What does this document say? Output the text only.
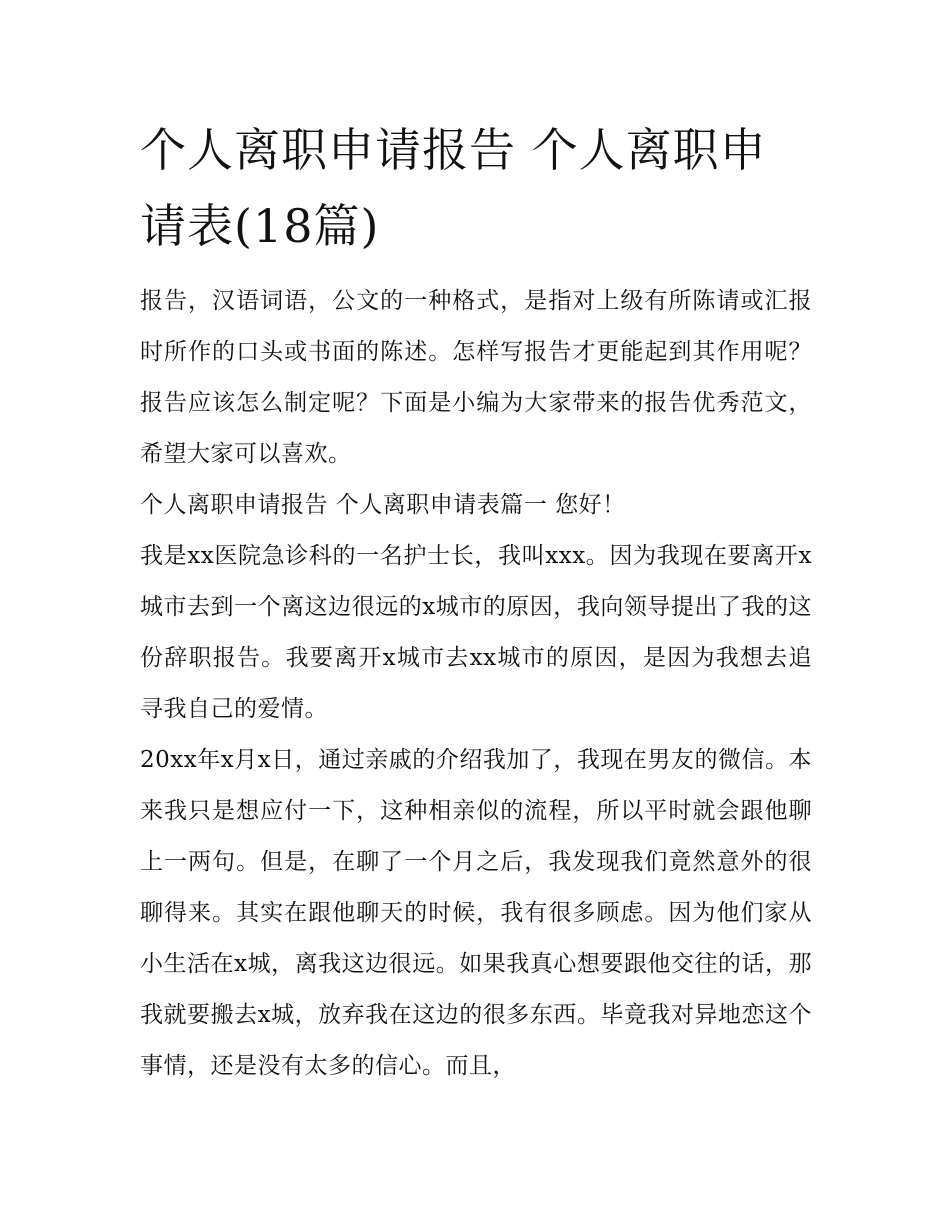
个人离职申请报告 个人离职申请表(18篇)

报告，汉语词语，公文的一种格式，是指对上级有所陈请或汇报时所作的口头或书面的陈述。怎样写报告才更能起到其作用呢？报告应该怎么制定呢？下面是小编为大家带来的报告优秀范文，希望大家可以喜欢。

个人离职申请报告 个人离职申请表篇一 您好！

我是xx医院急诊科的一名护士长，我叫xxx。因为我现在要离开x城市去到一个离这边很远的x城市的原因，我向领导提出了我的这份辞职报告。我要离开x城市去xx城市的原因，是因为我想去追寻我自己的爱情。

20xx年x月x日，通过亲戚的介绍我加了，我现在男友的微信。本来我只是想应付一下，这种相亲似的流程，所以平时就会跟他聊上一两句。但是，在聊了一个月之后，我发现我们竟然意外的很聊得来。其实在跟他聊天的时候，我有很多顾虑。因为他们家从小生活在x城，离我这边很远。如果我真心想要跟他交往的话，那我就要搬去x城，放弃我在这边的很多东西。毕竟我对异地恋这个事情，还是没有太多的信心。而且，
